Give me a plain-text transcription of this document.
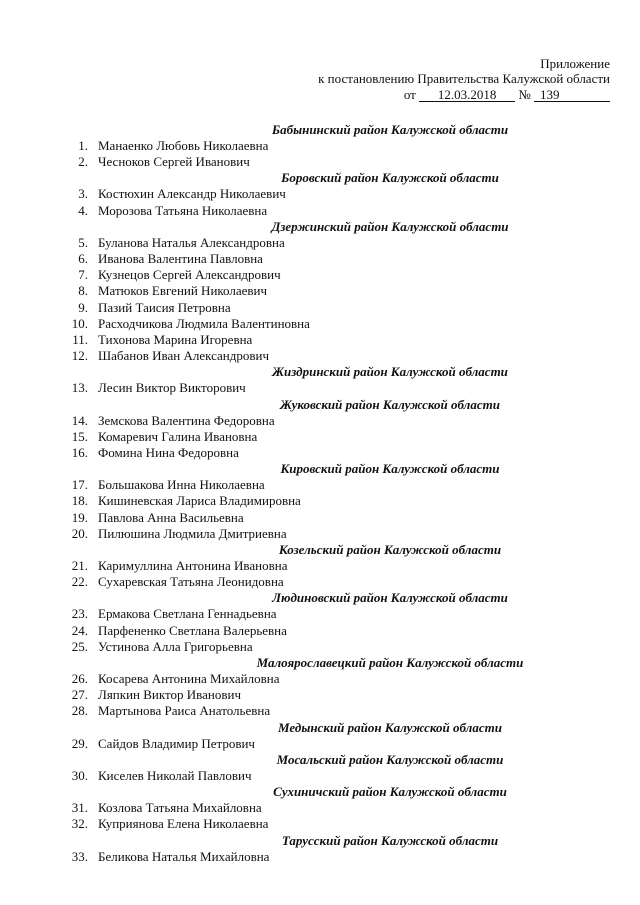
Приложение
к постановлению Правительства Калужской области
от 12.03.2018 № 139
Бабынинский район Калужской области
1. Манаенко Любовь Николаевна
2. Чесноков Сергей Иванович
Боровский район Калужской области
3. Костюхин Александр Николаевич
4. Морозова Татьяна Николаевна
Дзержинский район Калужской области
5. Буланова Наталья Александровна
6. Иванова Валентина Павловна
7. Кузнецов Сергей Александрович
8. Матюков Евгений Николаевич
9. Пазий Таисия Петровна
10. Расходчикова Людмила Валентиновна
11. Тихонова Марина Игоревна
12. Шабанов Иван Александрович
Жиздринский район Калужской области
13. Лесин Виктор Викторович
Жуковский район Калужской области
14. Земскова Валентина Федоровна
15. Комаревич Галина Ивановна
16. Фомина Нина Федоровна
Кировский район Калужской области
17. Большакова Инна Николаевна
18. Кишиневская Лариса Владимировна
19. Павлова Анна Васильевна
20. Пилюшина Людмила Дмитриевна
Козельский район Калужской области
21. Каримуллина Антонина Ивановна
22. Сухаревская Татьяна Леонидовна
Людиновский район Калужской области
23. Ермакова Светлана Геннадьевна
24. Парфененко Светлана Валерьевна
25. Устинова Алла Григорьевна
Малоярославецкий район Калужской области
26. Косарева Антонина Михайловна
27. Ляпкин Виктор Иванович
28. Мартынова Раиса Анатольевна
Медынский район Калужской области
29. Сайдов Владимир Петрович
Мосальский район Калужской области
30. Киселев Николай Павлович
Сухиничский район Калужской области
31. Козлова Татьяна Михайловна
32. Куприянова Елена Николаевна
Тарусский район Калужской области
33. Беликова Наталья Михайловна
